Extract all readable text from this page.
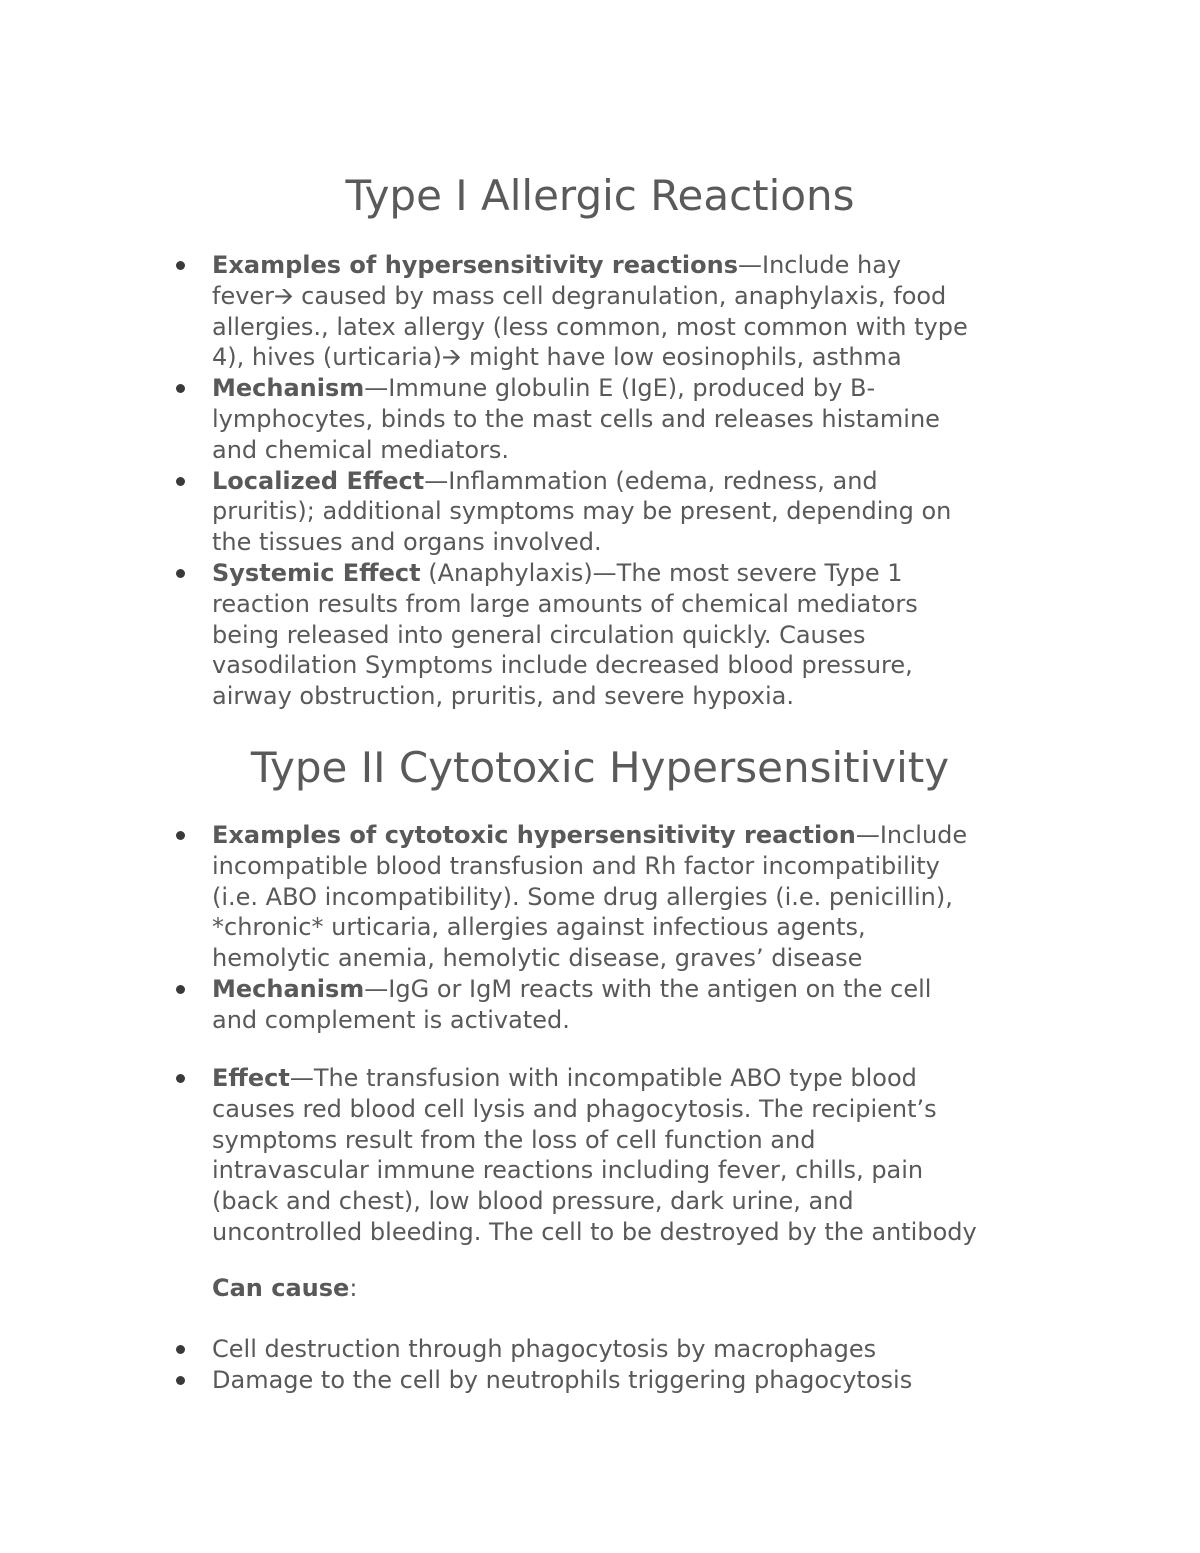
Type I Allergic Reactions
Examples of hypersensitivity reactions—Include hay
fever🡪 caused by mass cell degranulation, anaphylaxis, food
allergies., latex allergy (less common, most common with type
4), hives (urticaria)🡪 might have low eosinophils, asthma
Mechanism—Immune globulin E (IgE), produced by B-
lymphocytes, binds to the mast cells and releases histamine
and chemical mediators.
Localized Effect—Inflammation (edema, redness, and
pruritis); additional symptoms may be present, depending on
the tissues and organs involved.
Systemic Effect (Anaphylaxis)—The most severe Type 1
reaction results from large amounts of chemical mediators
being released into general circulation quickly. Causes
vasodilation Symptoms include decreased blood pressure,
airway obstruction, pruritis, and severe hypoxia.
Type II Cytotoxic Hypersensitivity
Examples of cytotoxic hypersensitivity reaction—Include
incompatible blood transfusion and Rh factor incompatibility
(i.e. ABO incompatibility). Some drug allergies (i.e. penicillin),
*chronic* urticaria, allergies against infectious agents,
hemolytic anemia, hemolytic disease, graves’ disease
Mechanism—IgG or IgM reacts with the antigen on the cell
and complement is activated.
Effect—The transfusion with incompatible ABO type blood
causes red blood cell lysis and phagocytosis. The recipient’s
symptoms result from the loss of cell function and
intravascular immune reactions including fever, chills, pain
(back and chest), low blood pressure, dark urine, and
uncontrolled bleeding. The cell to be destroyed by the antibody

Can cause:

Cell destruction through phagocytosis by macrophages
Damage to the cell by neutrophils triggering phagocytosis
